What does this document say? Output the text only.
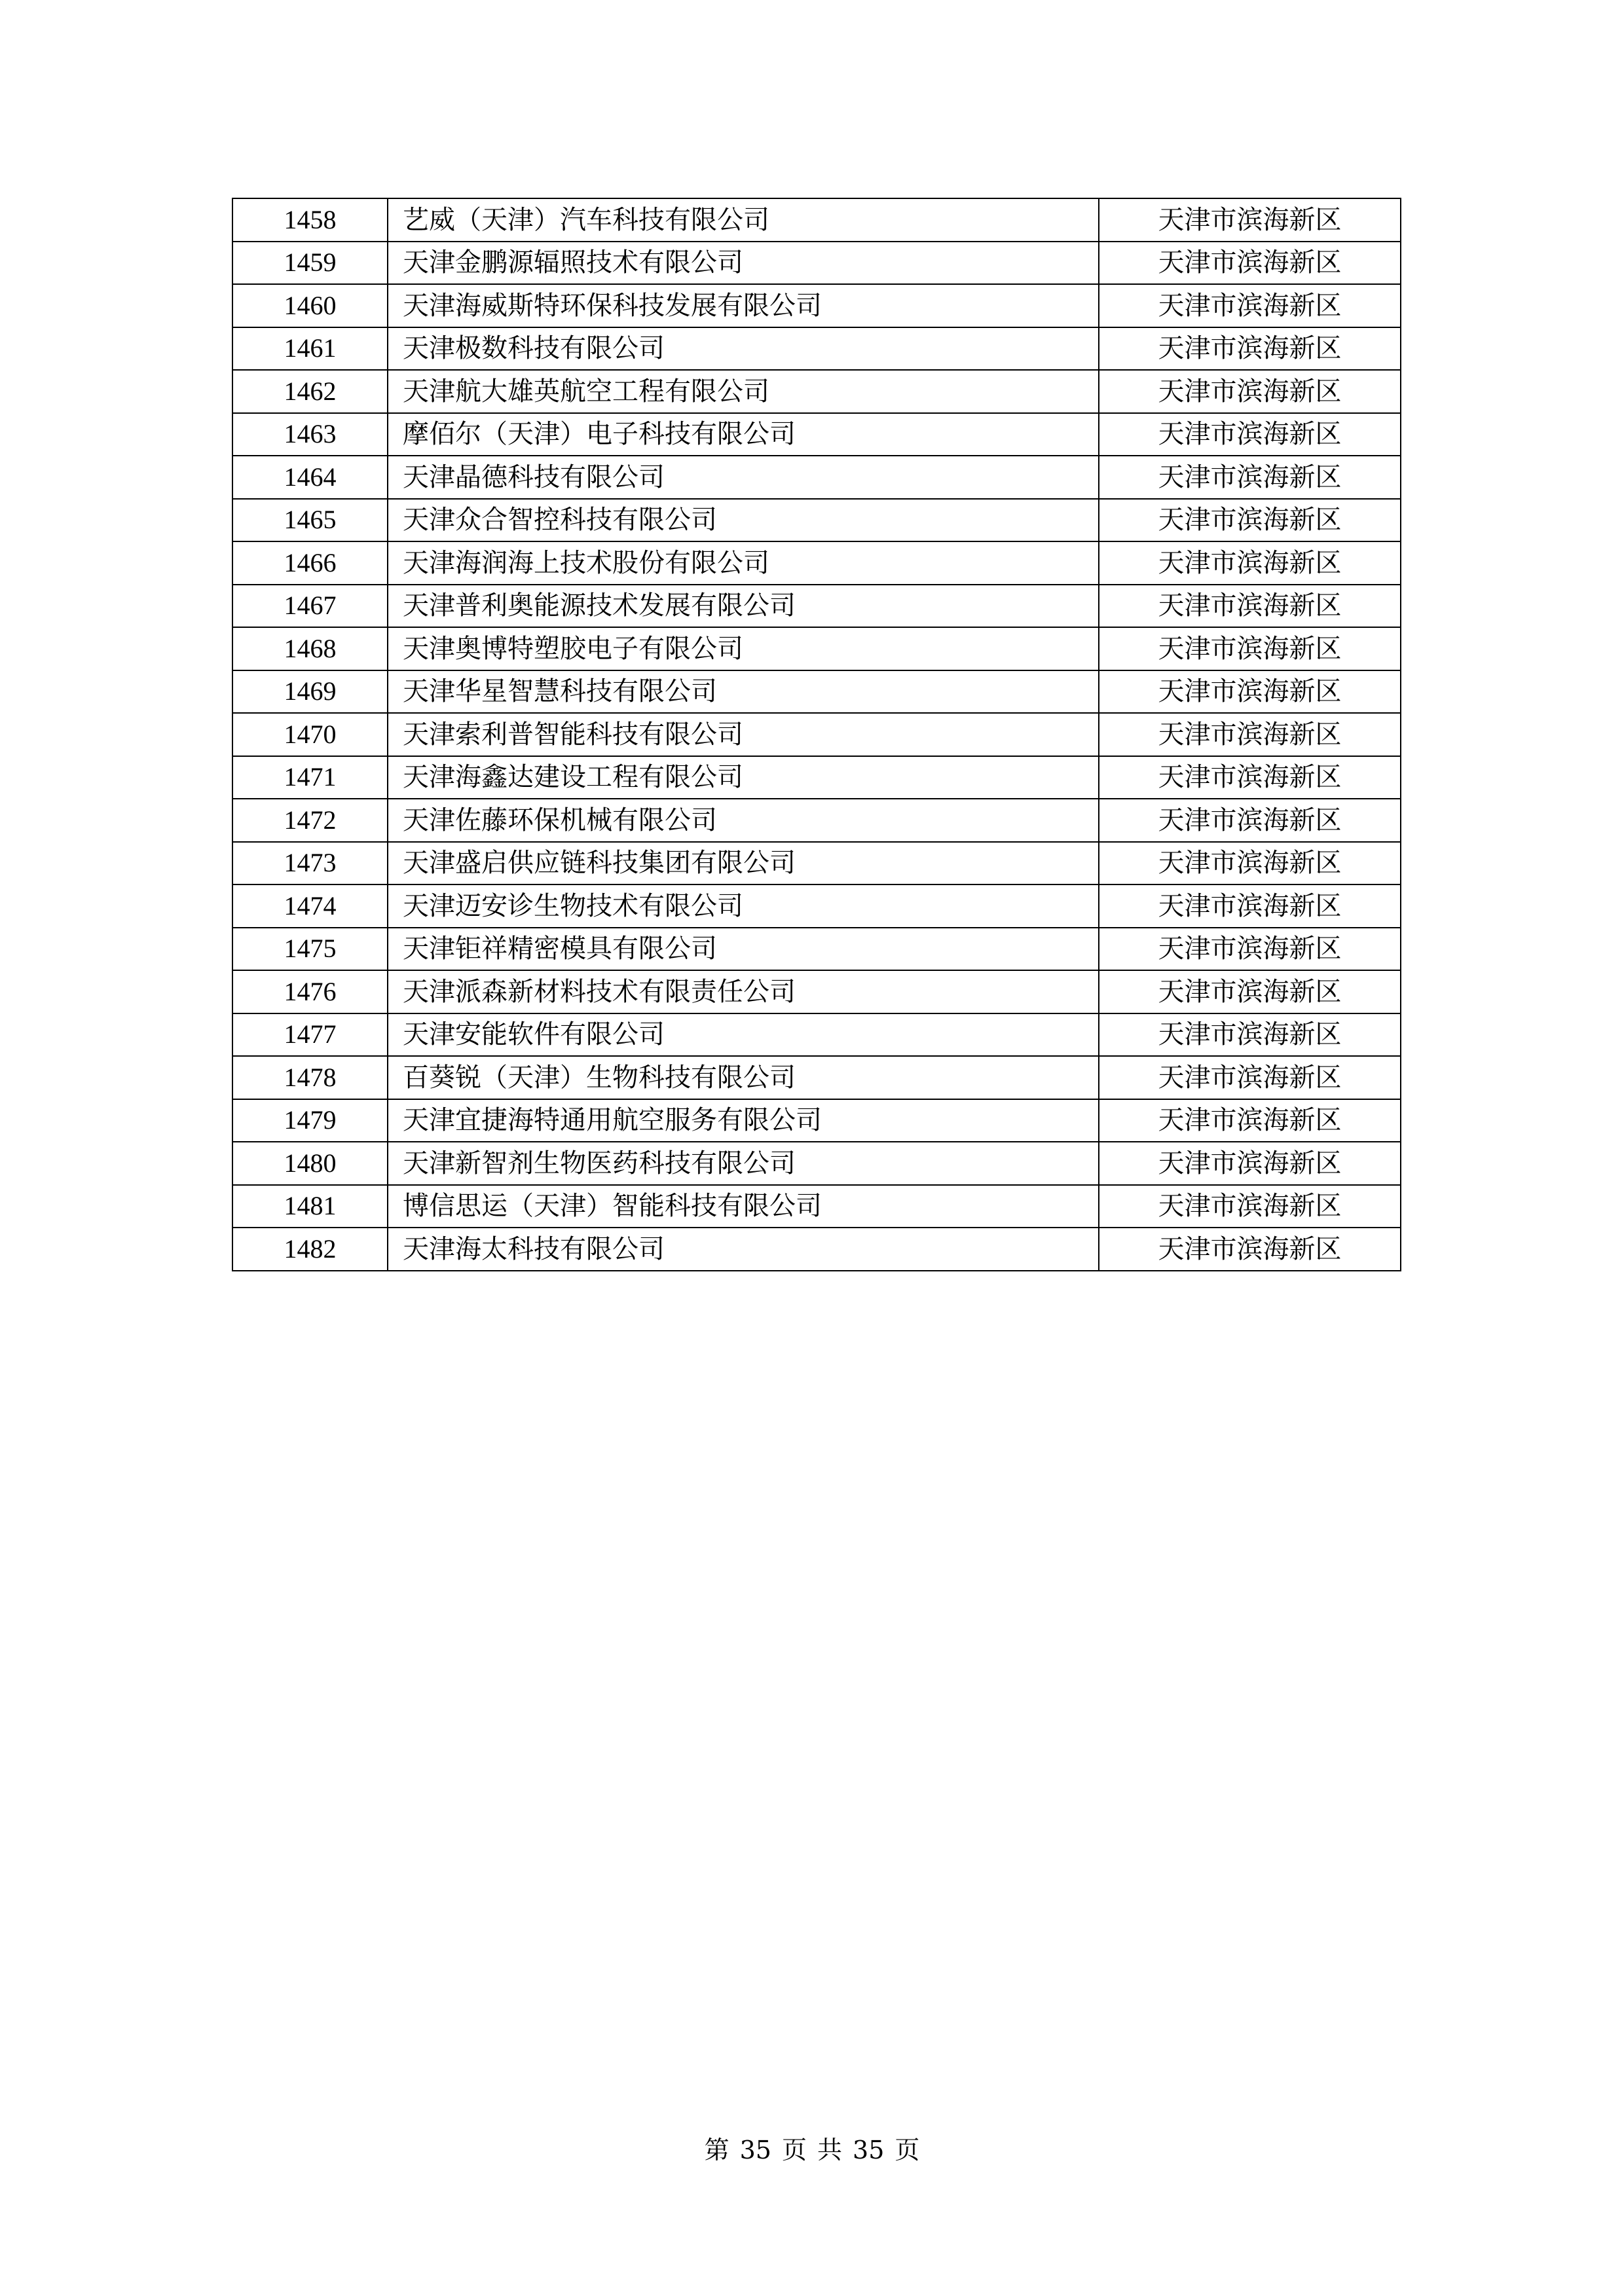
1458	艺威（天津）汽车科技有限公司	天津市滨海新区
1459	天津金鹏源辐照技术有限公司	天津市滨海新区
1460	天津海威斯特环保科技发展有限公司	天津市滨海新区
1461	天津极数科技有限公司	天津市滨海新区
1462	天津航大雄英航空工程有限公司	天津市滨海新区
1463	摩佰尔（天津）电子科技有限公司	天津市滨海新区
1464	天津晶德科技有限公司	天津市滨海新区
1465	天津众合智控科技有限公司	天津市滨海新区
1466	天津海润海上技术股份有限公司	天津市滨海新区
1467	天津普利奥能源技术发展有限公司	天津市滨海新区
1468	天津奥博特塑胶电子有限公司	天津市滨海新区
1469	天津华星智慧科技有限公司	天津市滨海新区
1470	天津索利普智能科技有限公司	天津市滨海新区
1471	天津海鑫达建设工程有限公司	天津市滨海新区
1472	天津佐藤环保机械有限公司	天津市滨海新区
1473	天津盛启供应链科技集团有限公司	天津市滨海新区
1474	天津迈安诊生物技术有限公司	天津市滨海新区
1475	天津钜祥精密模具有限公司	天津市滨海新区
1476	天津派森新材料技术有限责任公司	天津市滨海新区
1477	天津安能软件有限公司	天津市滨海新区
1478	百葵锐（天津）生物科技有限公司	天津市滨海新区
1479	天津宜捷海特通用航空服务有限公司	天津市滨海新区
1480	天津新智剂生物医药科技有限公司	天津市滨海新区
1481	博信思运（天津）智能科技有限公司	天津市滨海新区
1482	天津海太科技有限公司	天津市滨海新区
第 35 页 共 35 页
